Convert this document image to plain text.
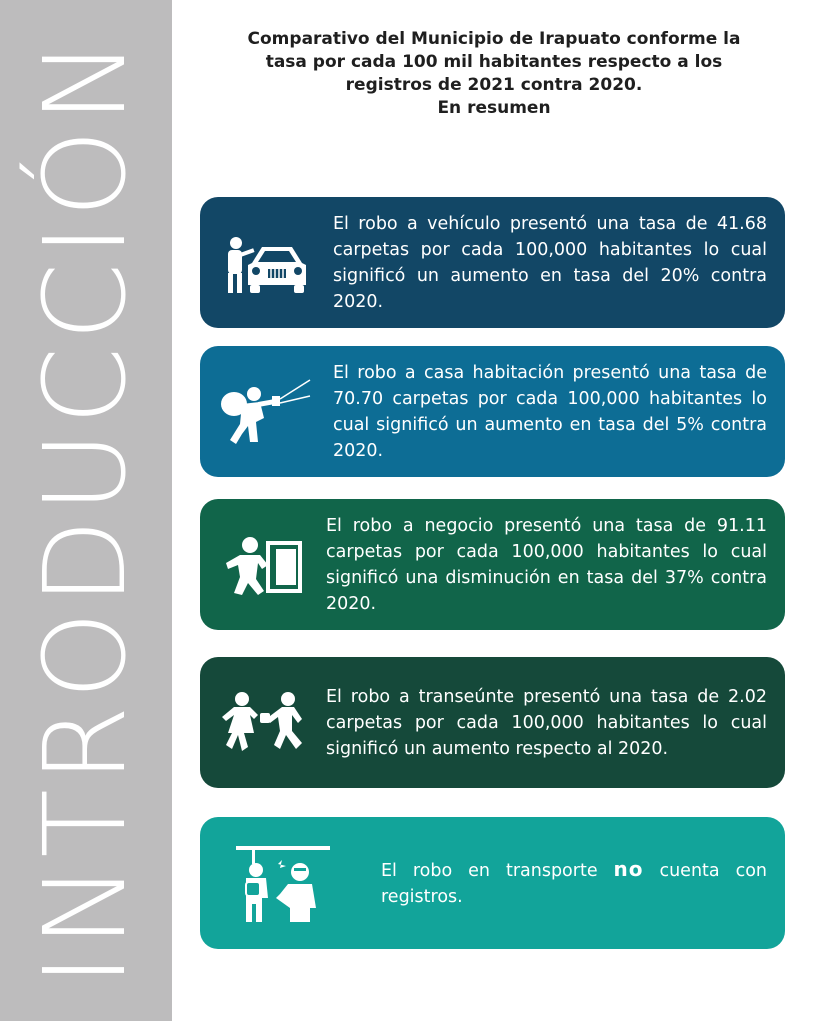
INTRODUCCIÓN	Comparativo del Municipio de Irapuato conforme la
tasa por cada 100 mil habitantes respecto a los
registros de 2021 contra 2020.
En resumen
El robo a vehículo presentó una tasa de 41.68 carpetas por cada 100,000 habitantes lo cual significó un aumento en tasa del 20% contra 2020.
El robo a casa habitación presentó una tasa de 70.70 carpetas por cada 100,000 habitantes lo cual significó un aumento en tasa del 5% contra 2020.
El robo a negocio presentó una tasa de 91.11 carpetas por cada 100,000 habitantes lo cual significó una disminución en tasa del 37% contra 2020.
El robo a transeúnte presentó una tasa de 2.02 carpetas por cada 100,000 habitantes lo cual significó un aumento respecto al 2020.
El robo en transporte no cuenta con registros.
